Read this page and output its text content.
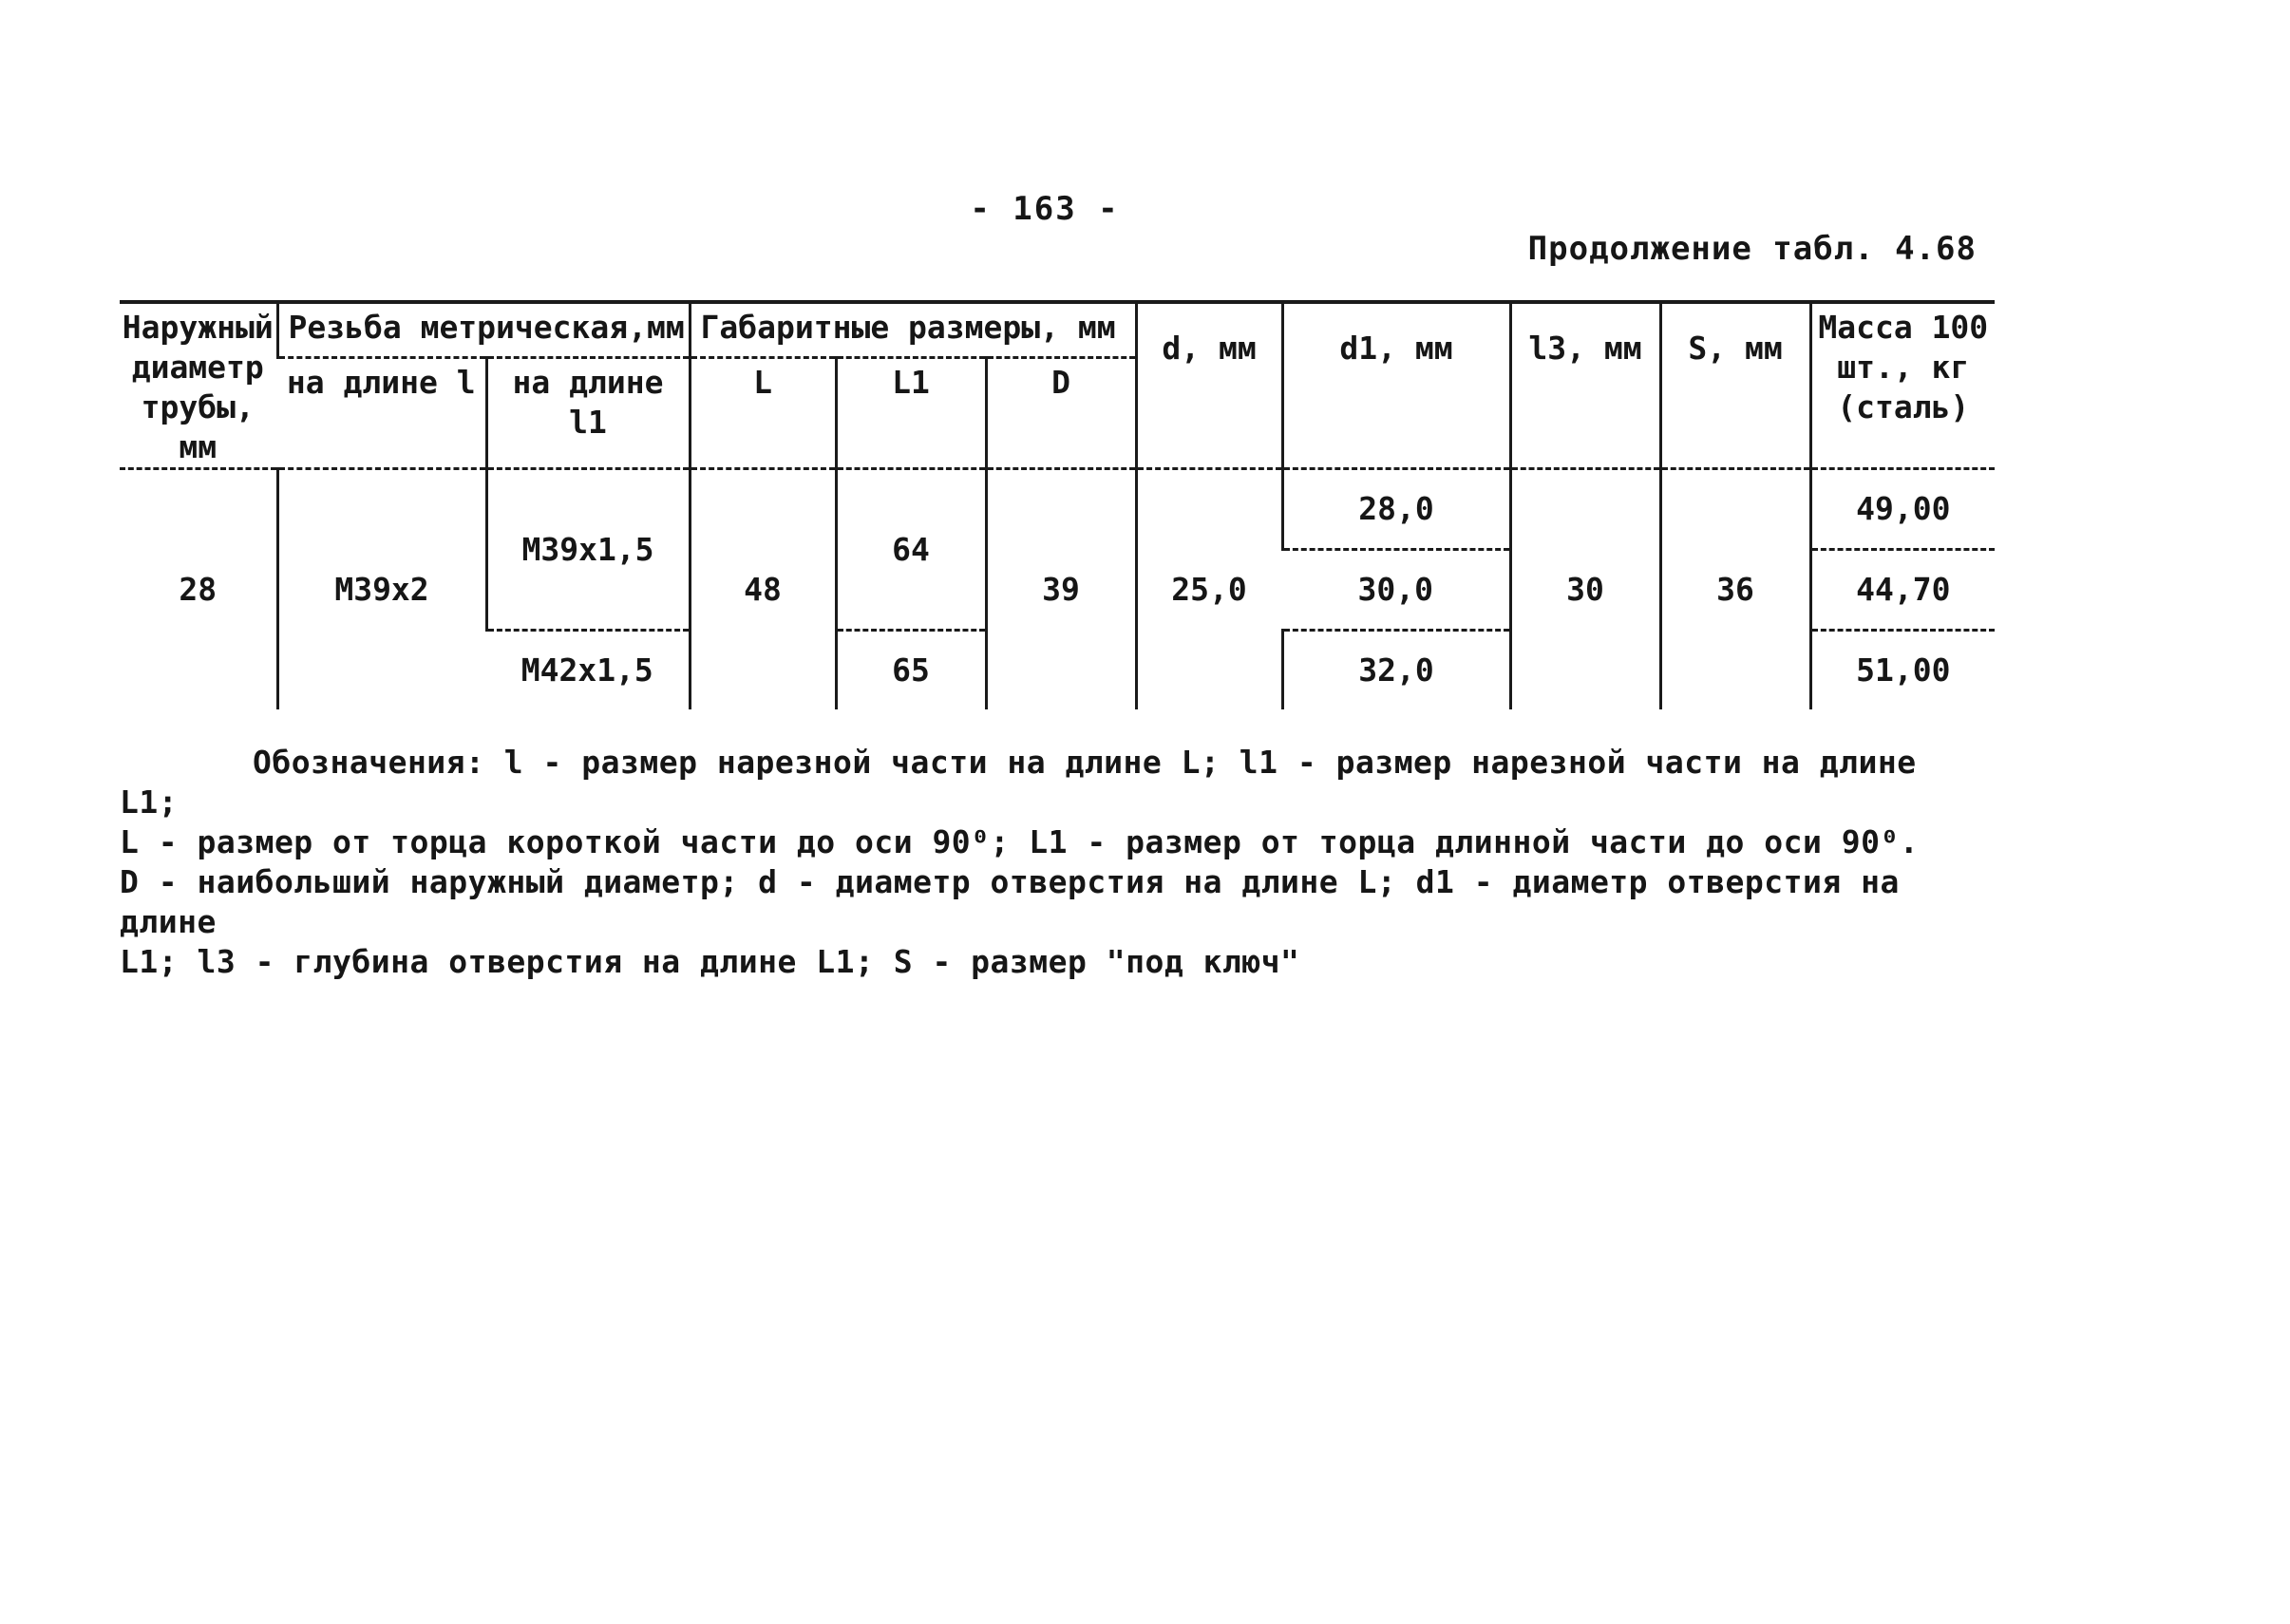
- 163 -
Продолжение табл. 4.68
Наружный диаметр трубы, мм	Резьба метрическая,мм		Габаритные размеры, мм			d, мм	d1, мм	l3, мм	S, мм	Масса 100 шт., кг (сталь)
	на длине l	на длине l1	L	L1	D					
28	М39х2	М39х1,5	48	64	39	25,0	28,0	30	36	49,00
							30,0			44,70
		М42х1,5		65			32,0			51,00

Обозначения: l - размер нарезной части на длине L; l1 - размер нарезной части на длине L1;

L - размер от торца короткой части до оси 90⁰; L1 - размер от торца длинной части до оси 90⁰.

D - наибольший наружный диаметр; d - диаметр отверстия на длине L; d1 - диаметр отверстия на длине

L1; l3 - глубина отверстия на длине L1; S - размер "под ключ"
